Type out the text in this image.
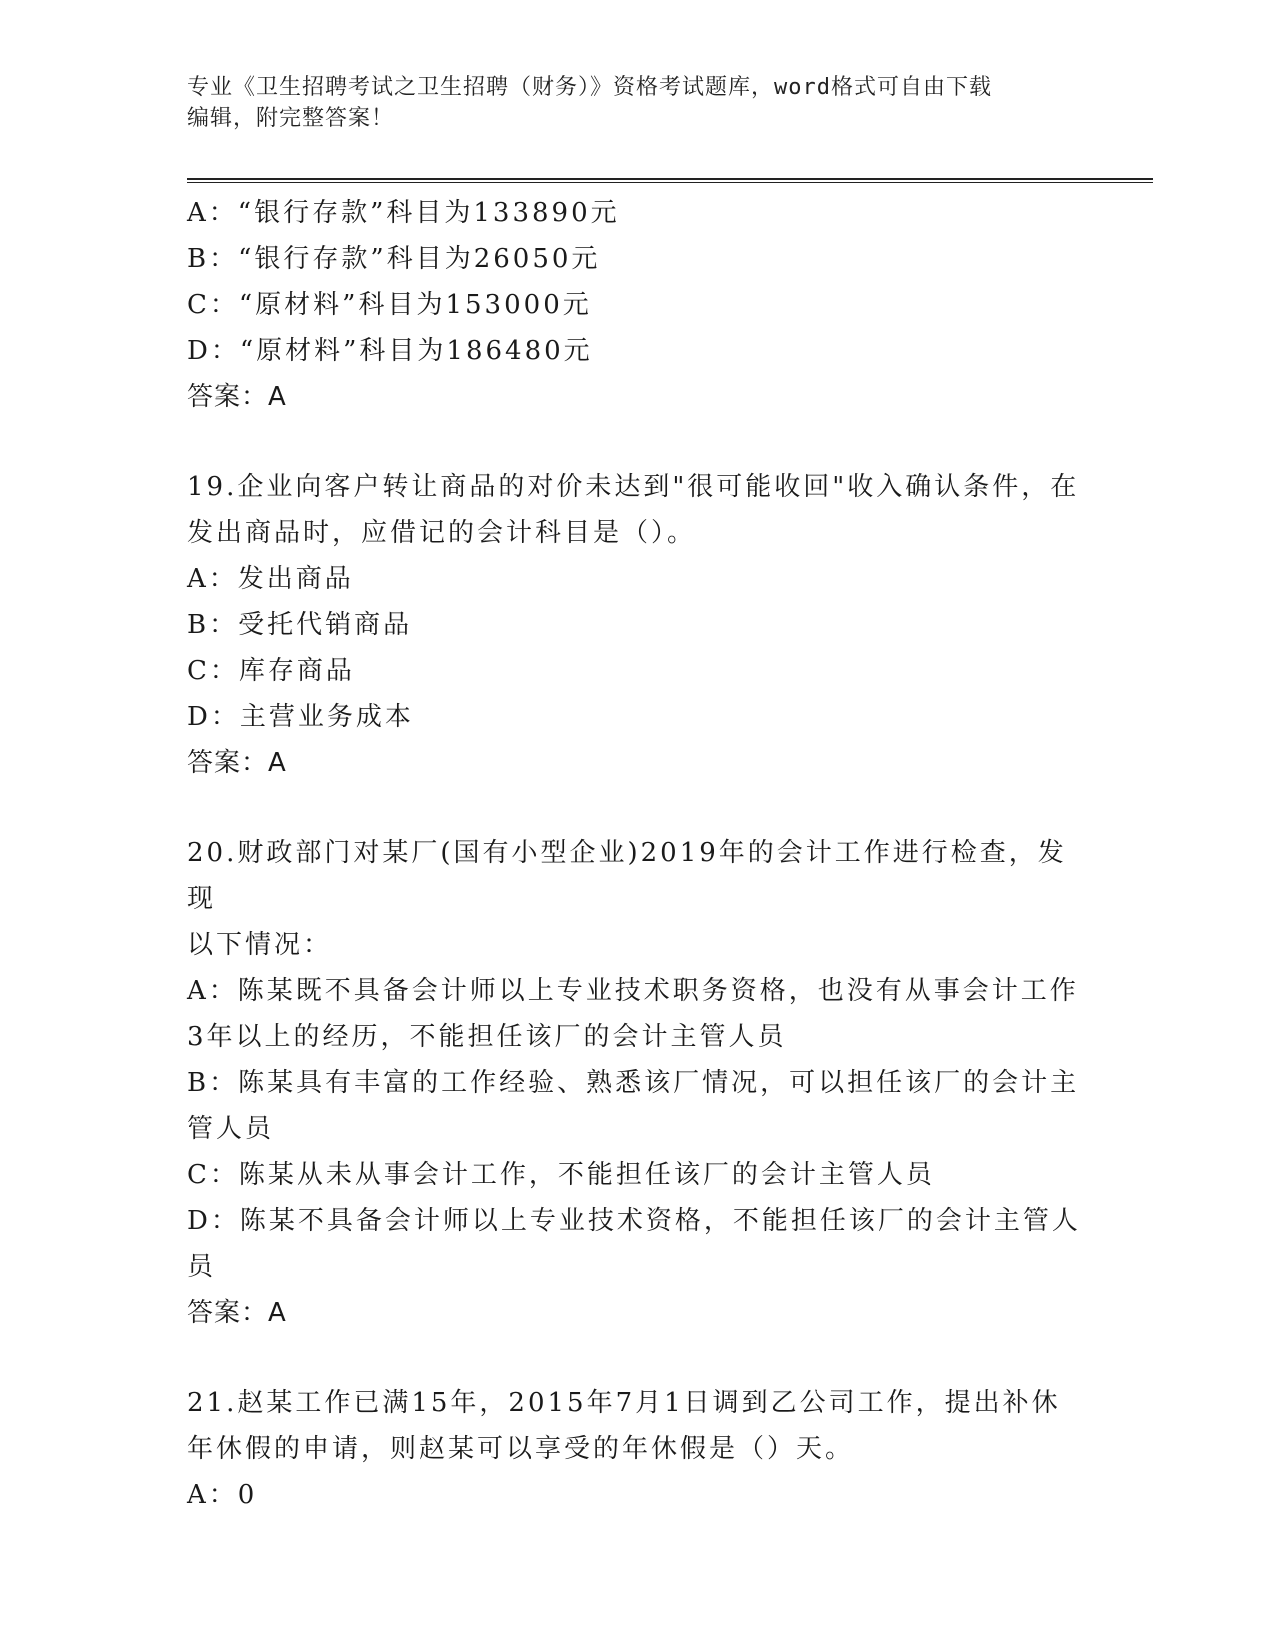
专业《卫生招聘考试之卫生招聘（财务）》资格考试题库，word格式可自由下载
编辑，附完整答案！
A：“银行存款”科目为133890元
B：“银行存款”科目为26050元
C：“原材料”科目为153000元
D：“原材料”科目为186480元
答案：A
19.企业向客户转让商品的对价未达到"很可能收回"收入确认条件，在
发出商品时，应借记的会计科目是（）。
A：发出商品
B：受托代销商品
C：库存商品
D：主营业务成本
答案：A
20.财政部门对某厂(国有小型企业)2019年的会计工作进行检查，发现
以下情况：
A：陈某既不具备会计师以上专业技术职务资格，也没有从事会计工作
3年以上的经历，不能担任该厂的会计主管人员
B：陈某具有丰富的工作经验、熟悉该厂情况，可以担任该厂的会计主
管人员
C：陈某从未从事会计工作，不能担任该厂的会计主管人员
D：陈某不具备会计师以上专业技术资格，不能担任该厂的会计主管人
员
答案：A
21.赵某工作已满15年，2015年7月1日调到乙公司工作，提出补休
年休假的申请，则赵某可以享受的年休假是（）天。
A：0
